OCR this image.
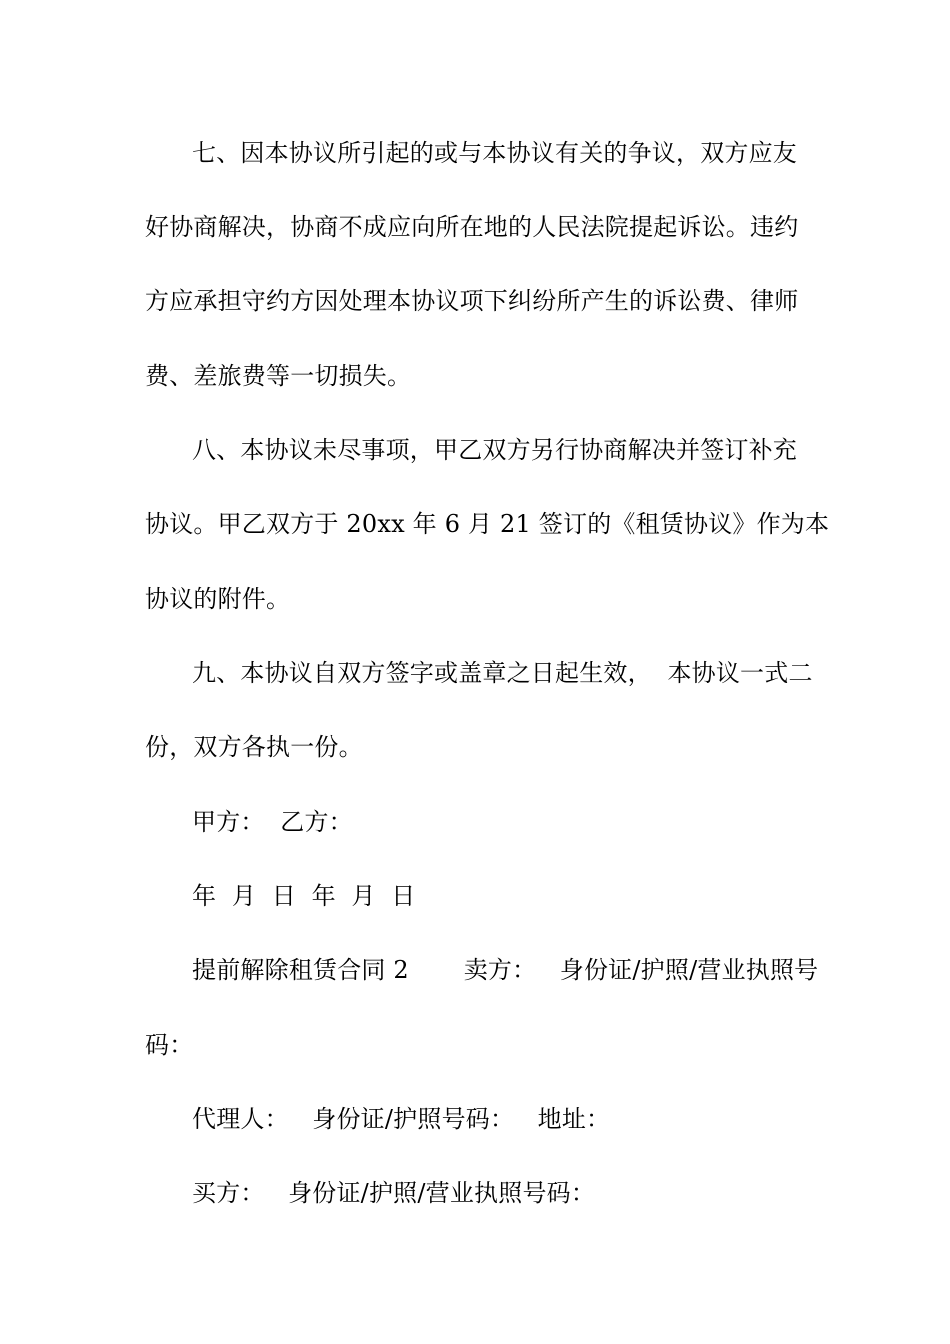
七、因本协议所引起的或与本协议有关的争议，双方应友
好协商解决，协商不成应向所在地的人民法院提起诉讼。违约
方应承担守约方因处理本协议项下纠纷所产生的诉讼费、律师
费、差旅费等一切损失。
八、本协议未尽事项，甲乙双方另行协商解决并签订补充
协议。甲乙双方于 20xx 年 6 月 21 签订的《租赁协议》作为本
协议的附件。
九、本协议自双方签字或盖章之日起生效，  本协议一式二
份，双方各执一份。
甲方：  乙方：
年  月  日  年  月  日
提前解除租赁合同 2       卖方：   身份证/护照/营业执照号
码：
代理人：   身份证/护照号码：   地址：
买方：   身份证/护照/营业执照号码：
